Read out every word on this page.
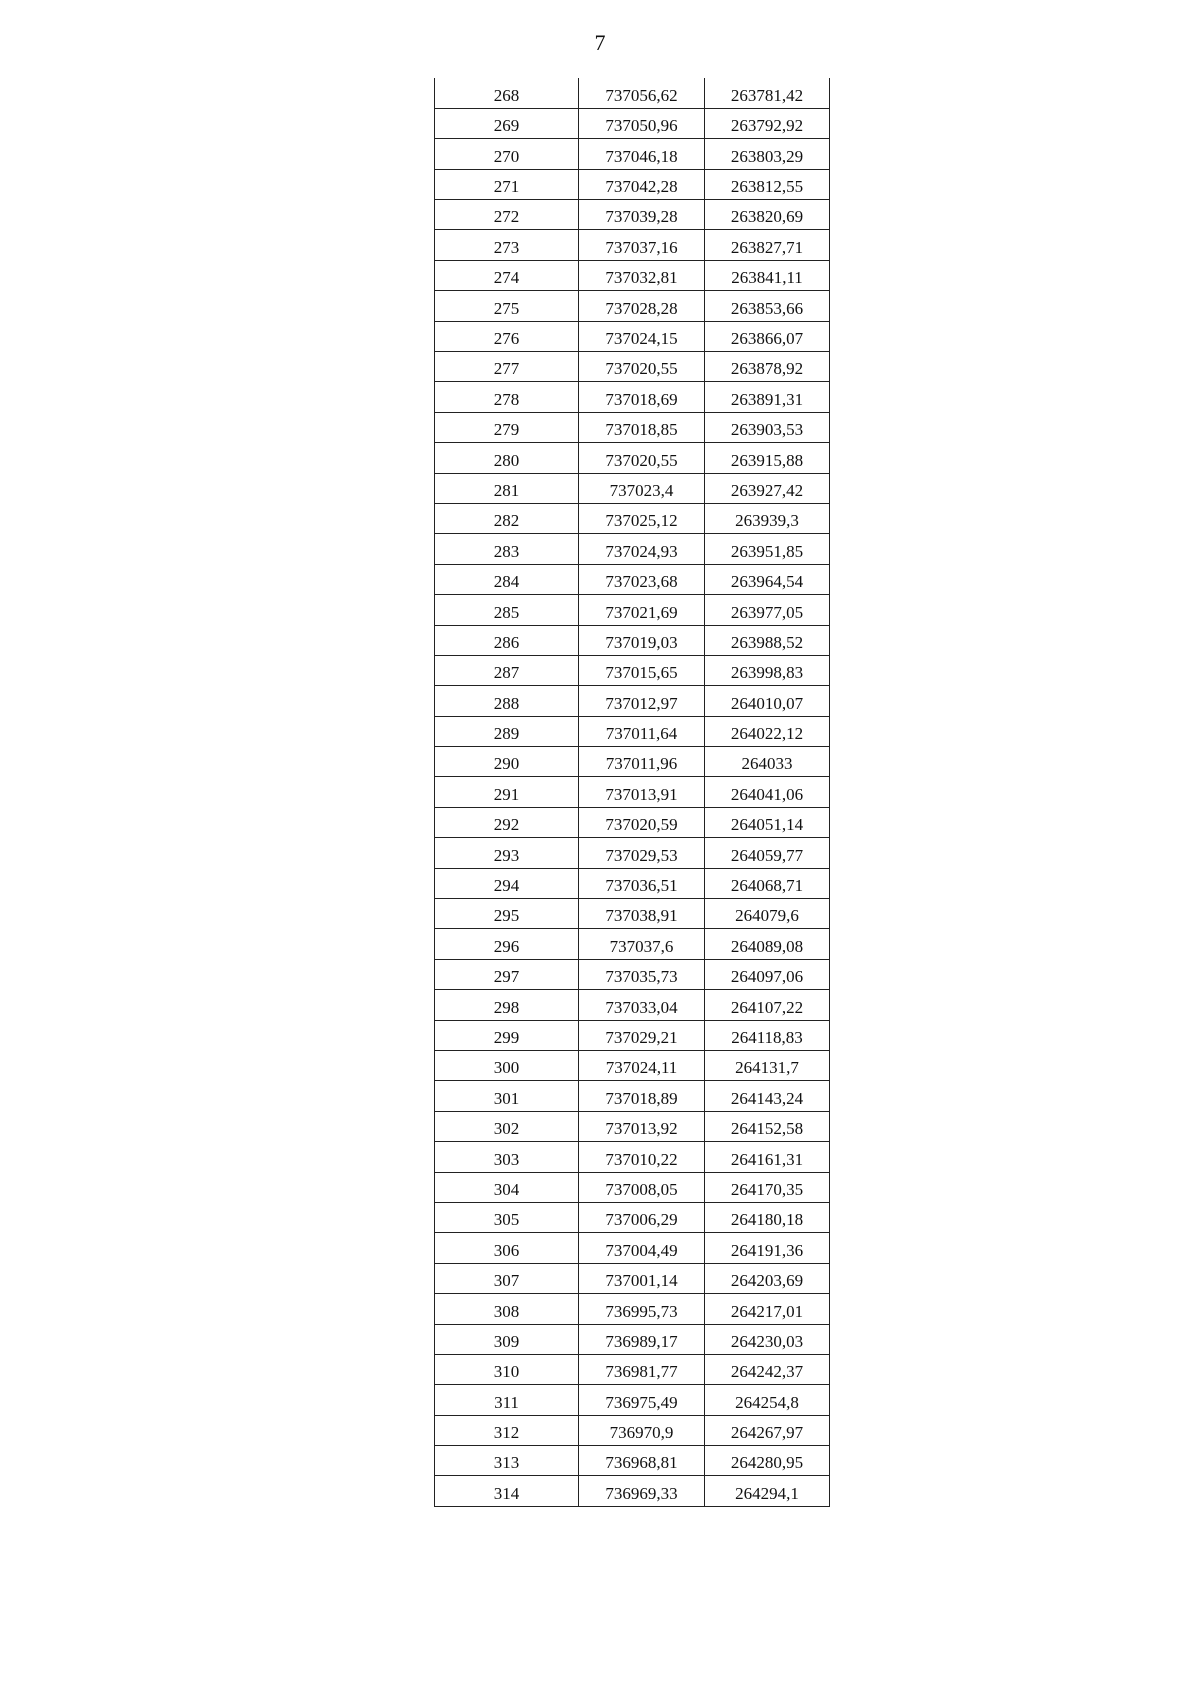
7
268	737056,62	263781,42
269	737050,96	263792,92
270	737046,18	263803,29
271	737042,28	263812,55
272	737039,28	263820,69
273	737037,16	263827,71
274	737032,81	263841,11
275	737028,28	263853,66
276	737024,15	263866,07
277	737020,55	263878,92
278	737018,69	263891,31
279	737018,85	263903,53
280	737020,55	263915,88
281	737023,4	263927,42
282	737025,12	263939,3
283	737024,93	263951,85
284	737023,68	263964,54
285	737021,69	263977,05
286	737019,03	263988,52
287	737015,65	263998,83
288	737012,97	264010,07
289	737011,64	264022,12
290	737011,96	264033
291	737013,91	264041,06
292	737020,59	264051,14
293	737029,53	264059,77
294	737036,51	264068,71
295	737038,91	264079,6
296	737037,6	264089,08
297	737035,73	264097,06
298	737033,04	264107,22
299	737029,21	264118,83
300	737024,11	264131,7
301	737018,89	264143,24
302	737013,92	264152,58
303	737010,22	264161,31
304	737008,05	264170,35
305	737006,29	264180,18
306	737004,49	264191,36
307	737001,14	264203,69
308	736995,73	264217,01
309	736989,17	264230,03
310	736981,77	264242,37
311	736975,49	264254,8
312	736970,9	264267,97
313	736968,81	264280,95
314	736969,33	264294,1
